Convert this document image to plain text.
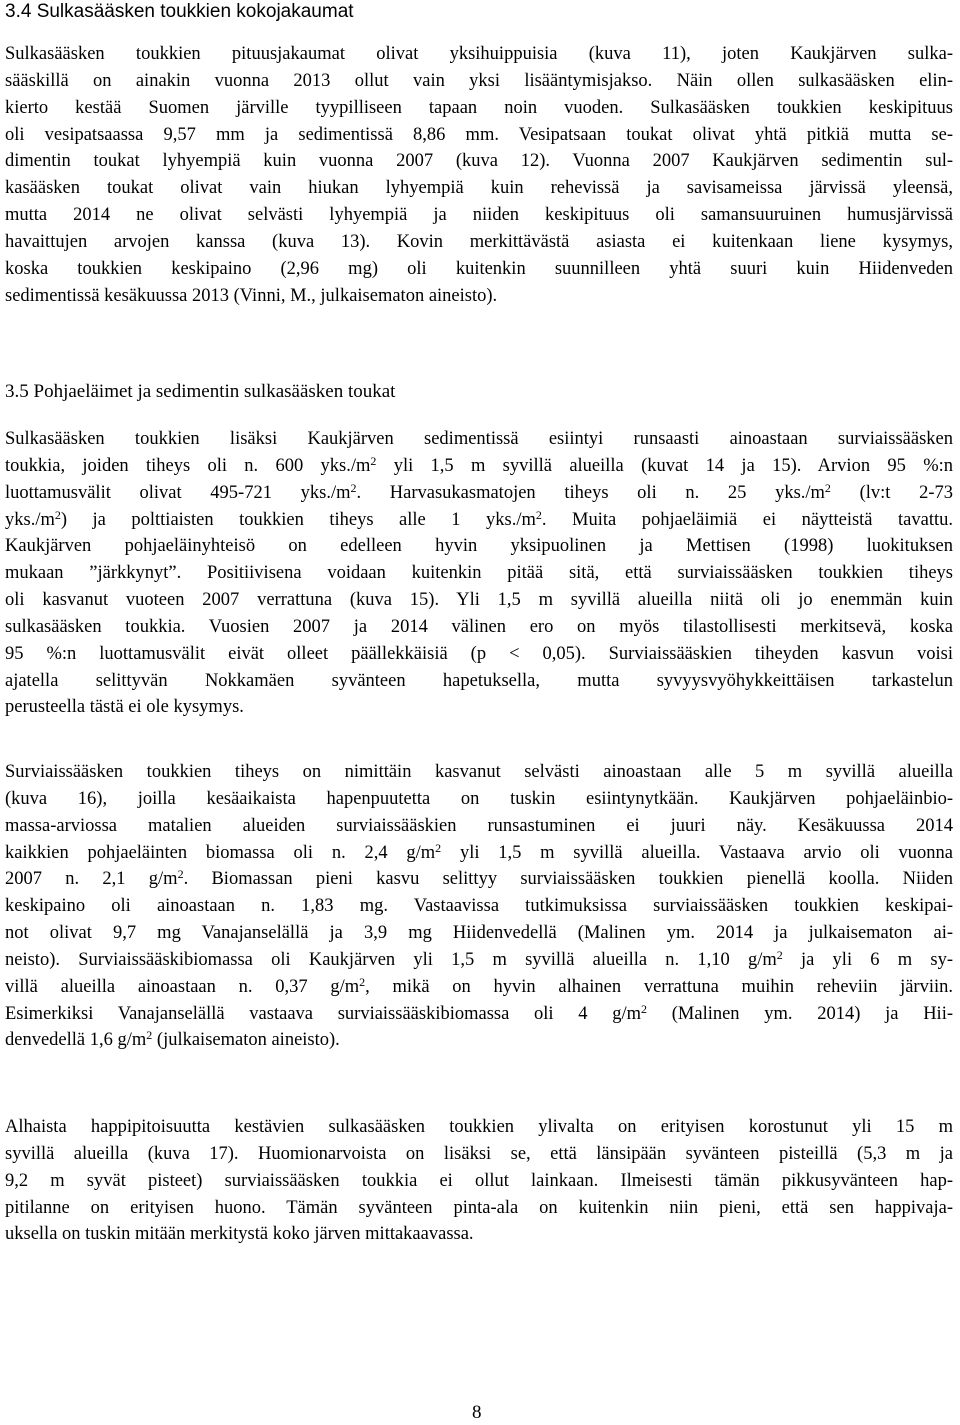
3.4 Sulkasääsken toukkien kokojakaumat
Sulkasääsken toukkien pituusjakaumat olivat yksihuippuisia (kuva 11), joten Kaukjärven sulka-
sääskillä on ainakin vuonna 2013 ollut vain yksi lisääntymisjakso. Näin ollen sulkasääsken elin-
kierto kestää Suomen järville tyypilliseen tapaan noin vuoden. Sulkasääsken toukkien keskipituus
oli vesipatsaassa 9,57 mm ja sedimentissä 8,86 mm. Vesipatsaan toukat olivat yhtä pitkiä mutta se-
dimentin toukat lyhyempiä kuin vuonna 2007 (kuva 12). Vuonna 2007 Kaukjärven sedimentin sul-
kasääsken toukat olivat vain hiukan lyhyempiä kuin rehevissä ja savisameissa järvissä yleensä,
mutta 2014 ne olivat selvästi lyhyempiä ja niiden keskipituus oli samansuuruinen humusjärvissä
havaittujen arvojen kanssa (kuva 13). Kovin merkittävästä asiasta ei kuitenkaan liene kysymys,
koska toukkien keskipaino (2,96 mg) oli kuitenkin suunnilleen yhtä suuri kuin Hiidenveden
sedimentissä kesäkuussa 2013 (Vinni, M., julkaisematon aineisto).
3.5 Pohjaeläimet ja sedimentin sulkasääsken toukat
Sulkasääsken toukkien lisäksi Kaukjärven sedimentissä esiintyi runsaasti ainoastaan surviaissääsken
toukkia, joiden tiheys oli n. 600 $yks./m^2$ yli 1,5 m syvillä alueilla (kuvat 14 ja 15). Arvion 95 %:n
luottamusvälit olivat 495-721 $yks./m^2$. Harvasukasmatojen tiheys oli n. 25 $yks./m^2$ (lv:t 2-73
$yks./m^2$) ja polttiaisten toukkien tiheys alle 1 $yks./m^2$. Muita pohjaeläimiä ei näytteistä tavattu.
Kaukjärven pohjaeläinyhteisö on edelleen hyvin yksipuolinen ja Mettisen (1998) luokituksen
mukaan ”järkkynyt”. Positiivisena voidaan kuitenkin pitää sitä, että surviaissääsken toukkien tiheys
oli kasvanut vuoteen 2007 verrattuna (kuva 15). Yli 1,5 m syvillä alueilla niitä oli jo enemmän kuin
sulkasääsken toukkia. Vuosien 2007 ja 2014 välinen ero on myös tilastollisesti merkitsevä, koska
95 %:n luottamusvälit eivät olleet päällekkäisiä (p < 0,05). Surviaissääskien tiheyden kasvun voisi
ajatella selittyvän Nokkamäen syvänteen hapetuksella, mutta syvyysvyöhykkeittäisen tarkastelun
perusteella tästä ei ole kysymys.
Surviaissääsken toukkien tiheys on nimittäin kasvanut selvästi ainoastaan alle 5 m syvillä alueilla
(kuva 16), joilla kesäaikaista hapenpuutetta on tuskin esiintynytkään. Kaukjärven pohjaeläinbio-
massa-arviossa matalien alueiden surviaissääskien runsastuminen ei juuri näy. Kesäkuussa 2014
kaikkien pohjaeläinten biomassa oli n. 2,4 $g/m^2$ yli 1,5 m syvillä alueilla. Vastaava arvio oli vuonna
2007 n. 2,1 $g/m^2$. Biomassan pieni kasvu selittyy surviaissääsken toukkien pienellä koolla. Niiden
keskipaino oli ainoastaan n. 1,83 mg. Vastaavissa tutkimuksissa surviaissääsken toukkien keskipai-
not olivat 9,7 mg Vanajanselällä ja 3,9 mg Hiidenvedellä (Malinen ym. 2014 ja julkaisematon ai-
neisto). Surviaissääskibiomassa oli Kaukjärven yli 1,5 m syvillä alueilla n. 1,10 $g/m^2$ ja yli 6 m sy-
villä alueilla ainoastaan n. 0,37 $g/m^2$, mikä on hyvin alhainen verrattuna muihin reheviin järviin.
Esimerkiksi Vanajanselällä vastaava surviaissääskibiomassa oli 4 $g/m^2$ (Malinen ym. 2014) ja Hii-
denvedellä 1,6 $g/m^2$ (julkaisematon aineisto).
Alhaista happipitoisuutta kestävien sulkasääsken toukkien ylivalta on erityisen korostunut yli 15 m
syvillä alueilla (kuva 17). Huomionarvoista on lisäksi se, että länsipään syvänteen pisteillä (5,3 m ja
9,2 m syvät pisteet) surviaissääsken toukkia ei ollut lainkaan. Ilmeisesti tämän pikkusyvänteen hap-
pitilanne on erityisen huono. Tämän syvänteen pinta-ala on kuitenkin niin pieni, että sen happivaja-
uksella on tuskin mitään merkitystä koko järven mittakaavassa.
8
